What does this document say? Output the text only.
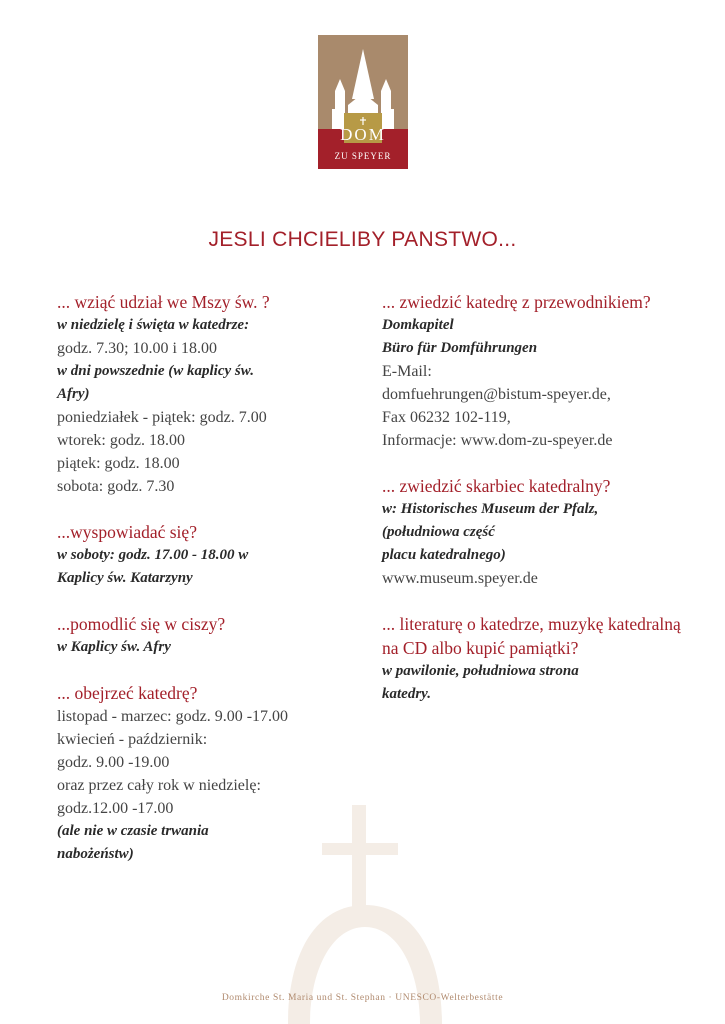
DOM
ZU SPEYER
JESLI CHCIELIBY PANSTWO...
... wziąć udział we Mszy św. ?
w niedzielę i święta w katedrze:
godz. 7.30; 10.00 i 18.00
w dni powszednie (w kaplicy św.
Afry)
poniedziałek - piątek: godz. 7.00
wtorek: godz. 18.00
piątek: godz. 18.00
sobota: godz. 7.30
...wyspowiadać się?
w soboty: godz. 17.00 - 18.00 w
Kaplicy św. Katarzyny
...pomodlić się w ciszy?
w Kaplicy św. Afry
... obejrzeć katedrę?
listopad - marzec: godz. 9.00 -17.00
kwiecień - październik:
godz. 9.00 -19.00
oraz przez cały rok w niedzielę:
godz.12.00 -17.00
(ale nie w czasie trwania
nabożeństw)
... zwiedzić katedrę z przewodnikiem?
Domkapitel
Büro für Domführungen
E-Mail:
domfuehrungen@bistum-speyer.de,
Fax 06232 102-119,
Informacje: www.dom-zu-speyer.de
... zwiedzić skarbiec katedralny?
w: Historisches Museum der Pfalz,
(południowa część
placu katedralnego)
www.museum.speyer.de
... literaturę o katedrze, muzykę katedralną na CD albo kupić pamiątki?
w pawilonie, południowa strona
katedry.
Domkirche St. Maria und St. Stephan · UNESCO-Welterbestätte
